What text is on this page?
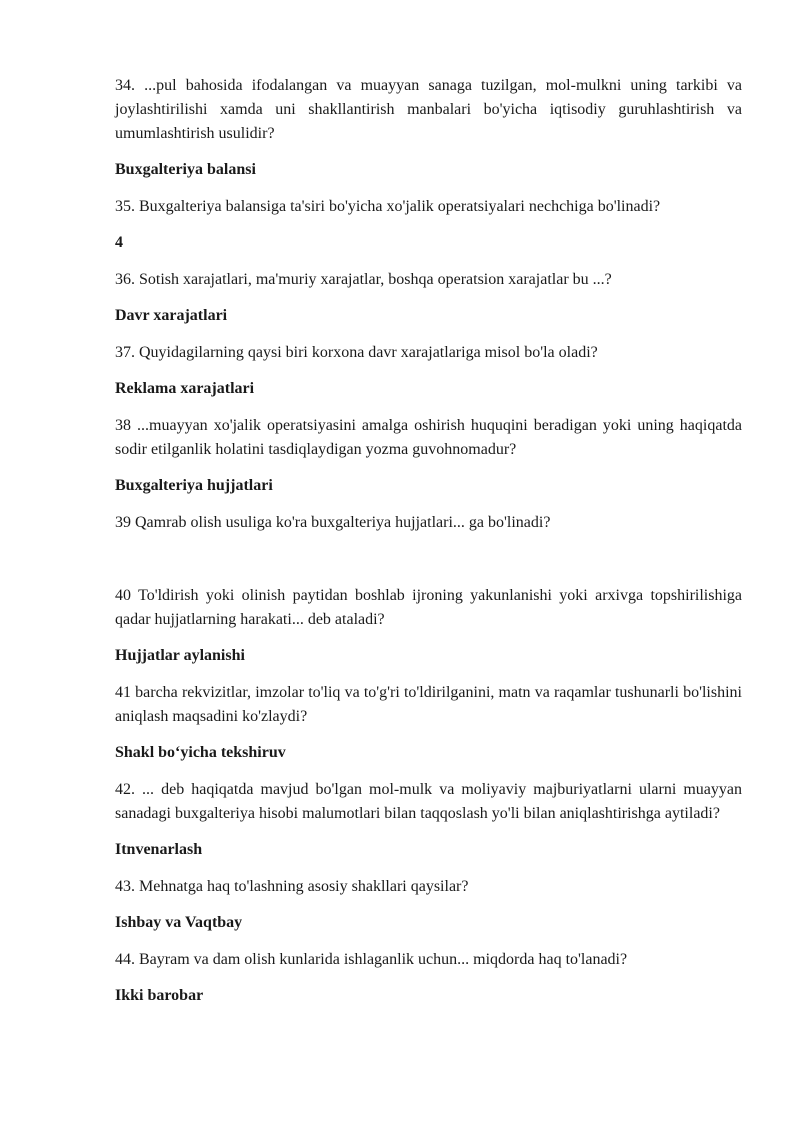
34. ...pul bahosida ifodalangan va muayyan sanaga tuzilgan, mol-mulkni uning tarkibi va joylashtirilishi xamda uni shakllantirish manbalari bo'yicha iqtisodiy guruhlashtirish va umumlashtirish usulidir?

Buxgalteriya balansi

35. Buxgalteriya balansiga ta'siri bo'yicha xo'jalik operatsiyalari nechchiga bo'linadi?

4

36. Sotish xarajatlari, ma'muriy xarajatlar, boshqa operatsion xarajatlar bu ...?

Davr xarajatlari

37. Quyidagilarning qaysi biri korxona davr xarajatlariga misol bo'la oladi?

Reklama xarajatlari

38 ...muayyan xo'jalik operatsiyasini amalga oshirish huquqini beradigan yoki uning haqiqatda sodir etilganlik holatini tasdiqlaydigan yozma guvohnomadur?

Buxgalteriya hujjatlari

39 Qamrab olish usuliga ko'ra buxgalteriya hujjatlari... ga bo'linadi?

40 To'ldirish yoki olinish paytidan boshlab ijroning yakunlanishi yoki arxivga topshirilishiga qadar hujjatlarning harakati... deb ataladi?

Hujjatlar aylanishi

41 barcha rekvizitlar, imzolar to'liq va to'g'ri to'ldirilganini, matn va raqamlar tushunarli bo'lishini aniqlash maqsadini ko'zlaydi?

Shakl bo‘yicha tekshiruv

42. ... deb haqiqatda mavjud bo'lgan mol-mulk va moliyaviy majburiyatlarni ularni muayyan sanadagi buxgalteriya hisobi malumotlari bilan taqqoslash yo'li bilan aniqlashtirishga aytiladi?

Itnvenarlash

43. Mehnatga haq to'lashning asosiy shakllari qaysilar?

Ishbay va Vaqtbay

44. Bayram va dam olish kunlarida ishlaganlik uchun... miqdorda haq to'lanadi?

Ikki barobar
